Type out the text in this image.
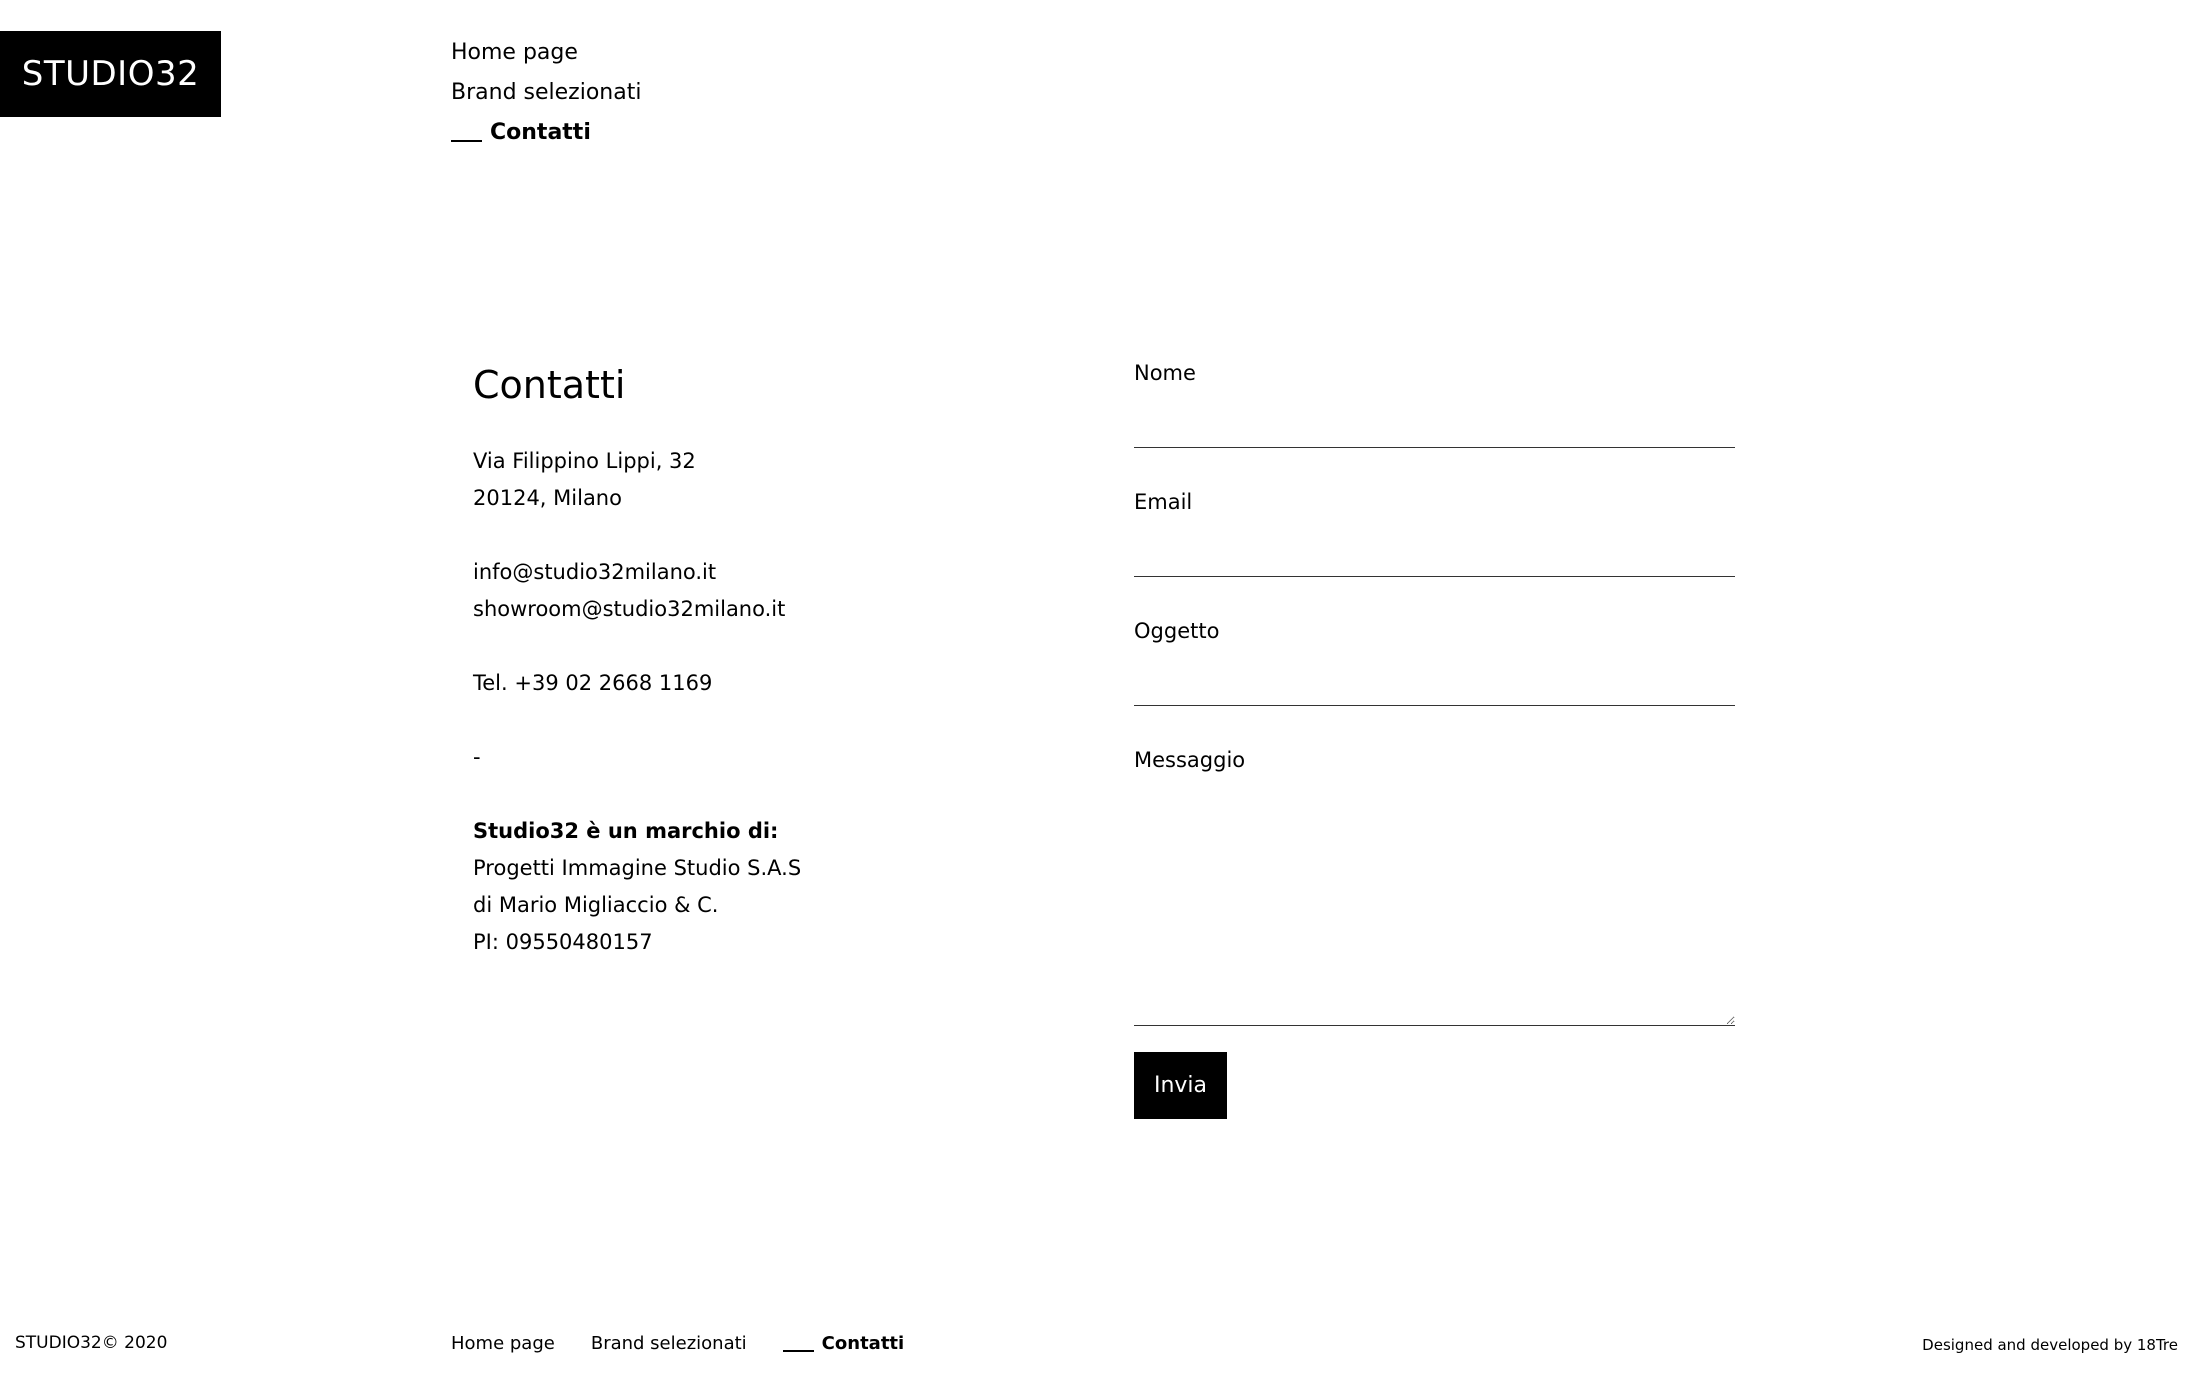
STUDIO32
Home page
Brand selezionati
Contatti
Contatti
Via Filippino Lippi, 32
20124, Milano
info@studio32milano.it
showroom@studio32milano.it
Tel. +39 02 2668 1169
-
Studio32 è un marchio di:
Progetti Immagine Studio S.A.S
di Mario Migliaccio & C.
PI: 09550480157
Nome
Email
Oggetto
Messaggio
Invia
STUDIO32© 2020	Home page Brand selezionati	Contatti	Designed and developed by 18Tre
